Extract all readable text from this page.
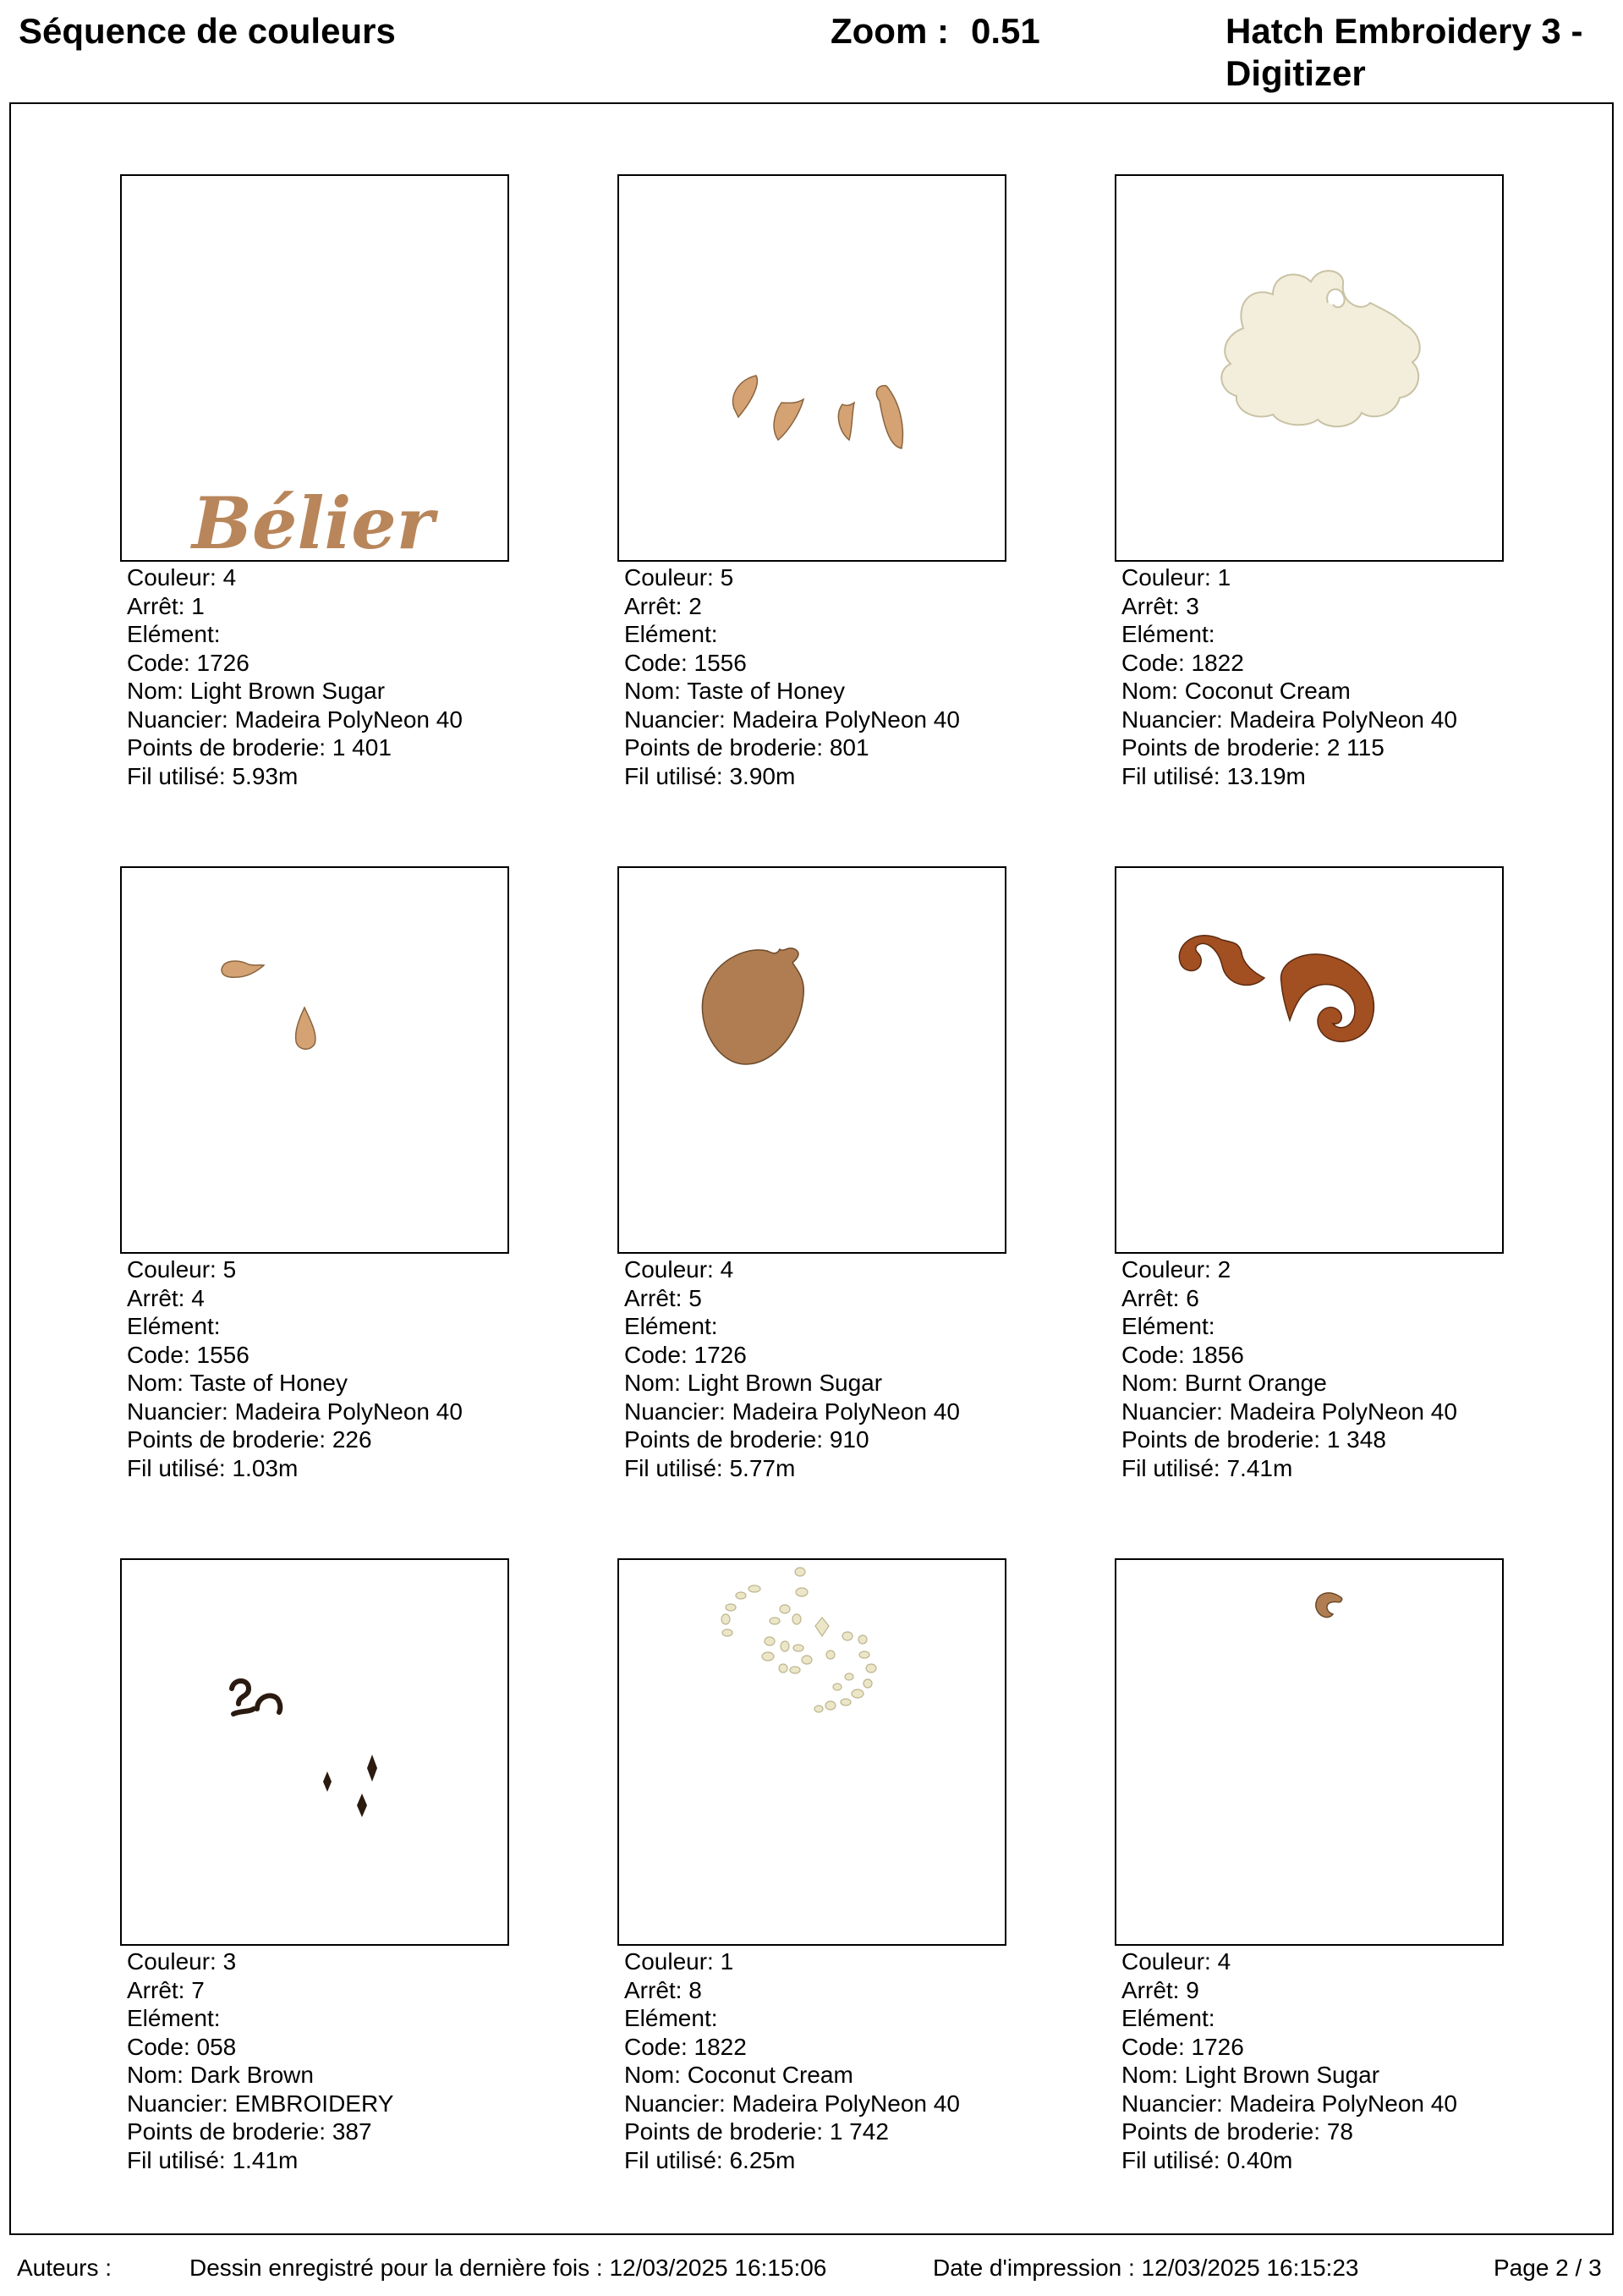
Séquence de couleurs	Zoom : 0.51	Hatch Embroidery 3 -
Digitizer
Bélier
Couleur: 4
Arrêt: 1
Elément:
Code: 1726
Nom: Light Brown Sugar
Nuancier: Madeira PolyNeon 40
Points de broderie: 1 401
Fil utilisé: 5.93m
Couleur: 5
Arrêt: 2
Elément:
Code: 1556
Nom: Taste of Honey
Nuancier: Madeira PolyNeon 40
Points de broderie: 801
Fil utilisé: 3.90m
Couleur: 1
Arrêt: 3
Elément:
Code: 1822
Nom: Coconut Cream
Nuancier: Madeira PolyNeon 40
Points de broderie: 2 115
Fil utilisé: 13.19m
Couleur: 5
Arrêt: 4
Elément:
Code: 1556
Nom: Taste of Honey
Nuancier: Madeira PolyNeon 40
Points de broderie: 226
Fil utilisé: 1.03m
Couleur: 4
Arrêt: 5
Elément:
Code: 1726
Nom: Light Brown Sugar
Nuancier: Madeira PolyNeon 40
Points de broderie: 910
Fil utilisé: 5.77m
Couleur: 2
Arrêt: 6
Elément:
Code: 1856
Nom: Burnt Orange
Nuancier: Madeira PolyNeon 40
Points de broderie: 1 348
Fil utilisé: 7.41m
Couleur: 3
Arrêt: 7
Elément:
Code: 058
Nom: Dark Brown
Nuancier: EMBROIDERY
Points de broderie: 387
Fil utilisé: 1.41m
Couleur: 1
Arrêt: 8
Elément:
Code: 1822
Nom: Coconut Cream
Nuancier: Madeira PolyNeon 40
Points de broderie: 1 742
Fil utilisé: 6.25m
Couleur: 4
Arrêt: 9
Elément:
Code: 1726
Nom: Light Brown Sugar
Nuancier: Madeira PolyNeon 40
Points de broderie: 78
Fil utilisé: 0.40m
Auteurs :	Dessin enregistré pour la dernière fois : 12/03/2025 16:15:06	Date d'impression : 12/03/2025 16:15:23	Page 2 / 3
